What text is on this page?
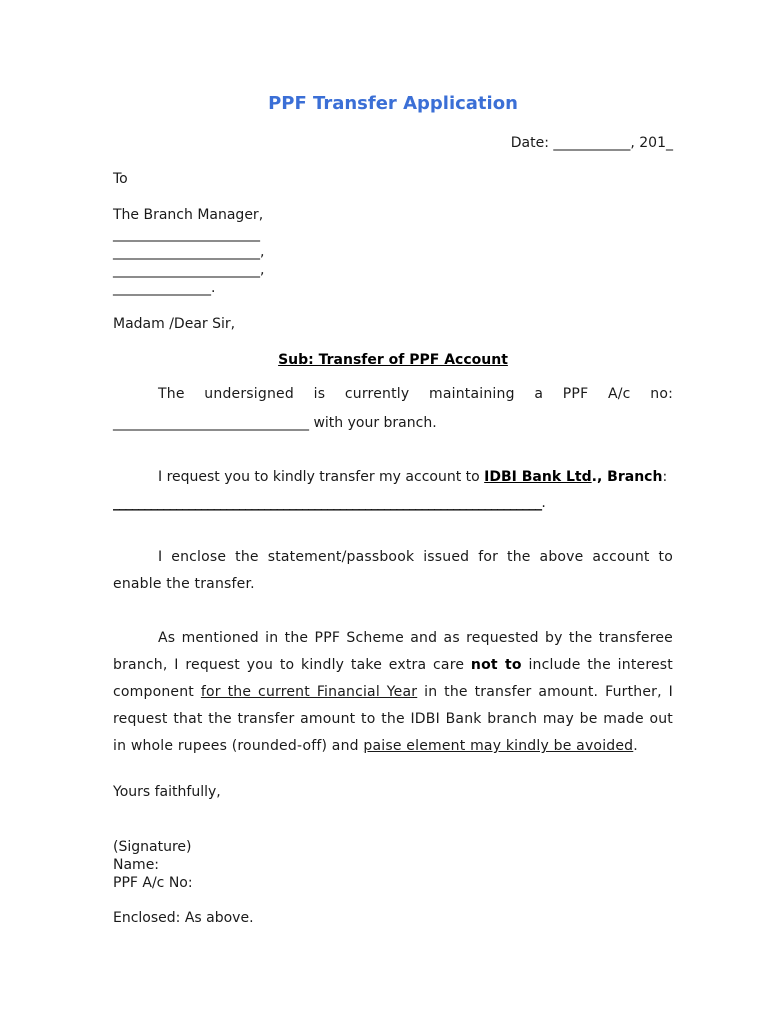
PPF Transfer Application
Date: ___________, 201_
To
The Branch Manager,
_____________________
_____________________,
_____________________,
______________.
Madam /Dear Sir,
Sub: Transfer of PPF Account
The undersigned is currently maintaining a PPF A/c no:
____________________________ with your branch.
I request you to kindly transfer my account to IDBI Bank Ltd., Branch:
____________________________________________________________________.
I enclose the statement/passbook issued for the above account to enable the transfer.
As mentioned in the PPF Scheme and as requested by the transferee branch, I request you to kindly take extra care not to include the interest component for the current Financial Year in the transfer amount. Further, I request that the transfer amount to the IDBI Bank branch may be made out in whole rupees (rounded-off) and paise element may kindly be avoided.
Yours faithfully,
(Signature)
Name:
PPF A/c No:
Enclosed: As above.
